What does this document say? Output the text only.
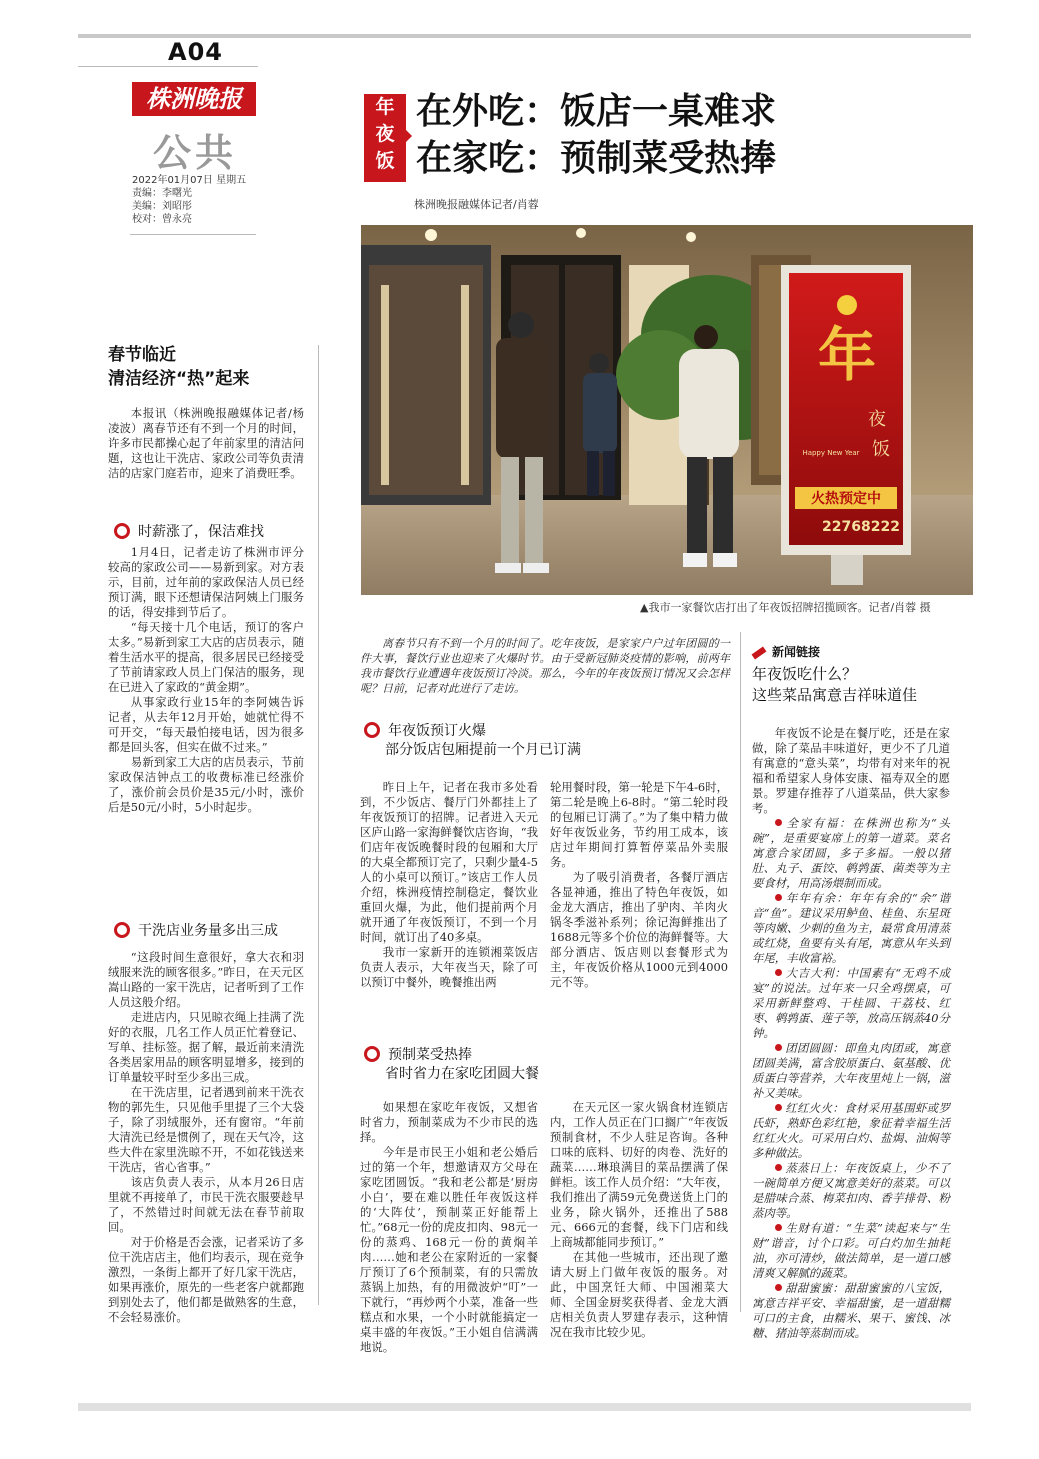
A04
株洲晚报
公共
2022年01月07日 星期五
责编：李曙光
美编：刘昭彤
校对：曾永亮
年
夜
饭
在外吃：饭店一桌难求
在家吃：预制菜受热捧
株洲晚报融媒体记者/肖蓉
年
夜
饭
Happy New Year
火热预定中
22768222
▲我市一家餐饮店打出了年夜饭招牌招揽顾客。记者/肖蓉 摄

离春节只有不到一个月的时间了。吃年夜饭，是家家户户过年团圆的一件大事，餐饮行业也迎来了火爆时节。由于受新冠肺炎疫情的影响，前两年我市餐饮行业遭遇年夜饭预订冷淡。那么，今年的年夜饭预订情况又会怎样呢？日前，记者对此进行了走访。

年夜饭预订火爆
部分饭店包厢提前一个月已订满

昨日上午，记者在我市多处看到，不少饭店、餐厅门外都挂上了年夜饭预订的招牌。记者进入天元区庐山路一家海鲜餐饮店咨询，“我们店年夜饭晚餐时段的包厢和大厅的大桌全都预订完了，只剩少量4-5人的小桌可以预订。”该店工作人员介绍，株洲疫情控制稳定，餐饮业重回火爆，为此，他们提前两个月就开通了年夜饭预订，不到一个月时间，就订出了40多桌。

我市一家新开的连锁湘菜饭店负责人表示，大年夜当天，除了可以预订中餐外，晚餐推出两

轮用餐时段，第一轮是下午4-6时，第二轮是晚上6-8时。“第二轮时段的包厢已订满了。”为了集中精力做好年夜饭业务，节约用工成本，该店过年期间打算暂停菜品外卖服务。

为了吸引消费者，各餐厅酒店各显神通，推出了特色年夜饭，如金龙大酒店，推出了驴肉、羊肉火锅冬季滋补系列；徐记海鲜推出了1688元等多个价位的海鲜餐等。大部分酒店、饭店则以套餐形式为主，年夜饭价格从1000元到4000元不等。

预制菜受热捧
省时省力在家吃团圆大餐

如果想在家吃年夜饭，又想省时省力，预制菜成为不少市民的选择。

今年是市民王小姐和老公婚后过的第一个年，想邀请双方父母在家吃团圆饭。“我和老公都是‘厨房小白’，要在难以胜任年夜饭这样的‘大阵仗’，预制菜正好能帮上忙。”68元一份的虎皮扣肉、98元一份的蒸鸡、168元一份的黄焖羊肉……她和老公在家附近的一家餐厅预订了6个预制菜，有的只需放蒸锅上加热，有的用微波炉“叮”一下就行，“再炒两个小菜，准备一些糕点和水果，一个小时就能搞定一桌丰盛的年夜饭。”王小姐自信满满地说。

在天元区一家火锅食材连锁店内，工作人员正在门口搁广“年夜饭预制食材，不少人驻足咨询。各种口味的底料、切好的肉卷、洗好的蔬菜……琳琅满目的菜品摆满了保鲜柜。该工作人员介绍：“大年夜，我们推出了满59元免费送货上门的业务，除火锅外，还推出了588元、666元的套餐，线下门店和线上商城都能同步预订。”

在其他一些城市，还出现了邀请大厨上门做年夜饭的服务。对此，中国烹饪大师、中国湘菜大师、全国金厨奖获得者、金龙大酒店相关负责人罗建存表示，这种情况在我市比较少见。

春节临近
清洁经济“热”起来

本报讯（株洲晚报融媒体记者/杨凌波）离春节还有不到一个月的时间，许多市民都操心起了年前家里的清洁问题，这也让干洗店、家政公司等负责清洁的店家门庭若市，迎来了消费旺季。

时薪涨了，保洁难找

1月4日，记者走访了株洲市评分较高的家政公司——易新到家。对方表示，目前，过年前的家政保洁人员已经预订满，眼下还想请保洁阿姨上门服务的话，得安排到节后了。

“每天接十几个电话，预订的客户太多。”易新到家工大店的店员表示，随着生活水平的提高，很多居民已经接受了节前请家政人员上门保洁的服务，现在已进入了家政的“黄金期”。

从事家政行业15年的李阿姨告诉记者，从去年12月开始，她就忙得不可开交，“每天最怕接电话，因为很多都是回头客，但实在做不过来。”

易新到家工大店的店员表示，节前家政保洁钟点工的收费标准已经涨价了，涨价前会员价是35元/小时，涨价后是50元/小时，5小时起步。

干洗店业务量多出三成

“这段时间生意很好，拿大衣和羽绒服来洗的顾客很多。”昨日，在天元区嵩山路的一家干洗店，记者听到了工作人员这般介绍。

走进店内，只见晾衣绳上挂满了洗好的衣服，几名工作人员正忙着登记、写单、挂标签。据了解，最近前来清洗各类居家用品的顾客明显增多，接到的订单量较平时至少多出三成。

在干洗店里，记者遇到前来干洗衣物的郭先生，只见他手里提了三个大袋子，除了羽绒服外，还有窗帘。“年前大清洗已经是惯例了，现在天气冷，这些大件在家里洗晾不开，不如花钱送来干洗店，省心省事。”

该店负责人表示，从本月26日店里就不再接单了，市民干洗衣服要趁早了，不然错过时间就无法在春节前取回。

对于价格是否会涨，记者采访了多位干洗店店主，他们均表示，现在竞争激烈，一条街上都开了好几家干洗店，如果再涨价，原先的一些老客户就都跑到别处去了，他们都是做熟客的生意，不会轻易涨价。

新闻链接
年夜饭吃什么？
这些菜品寓意吉祥味道佳

年夜饭不论是在餐厅吃，还是在家做，除了菜品丰味道好，更少不了几道有寓意的“意头菜”，均带有对来年的祝福和希望家人身体安康、福寿双全的愿景。罗建存推荐了八道菜品，供大家参考。

全家有福：在株洲也称为“头碗”，是重要宴席上的第一道菜。菜名寓意合家团圆，多子多福。一般以猪肚、丸子、蛋饺、鹌鹑蛋、菌类等为主要食材，用高汤煨制而成。

年年有余：年年有余的“余”谐音“鱼”。建议采用鲈鱼、桂鱼、东星斑等肉嫩、少刺的鱼为主，最常食用清蒸或红烧，鱼要有头有尾，寓意从年头到年尾，丰收富裕。

大吉大利：中国素有“无鸡不成宴”的说法。过年来一只全鸡摆桌，可采用新鲜整鸡、干桂圆、干荔枝、红枣、鹌鹑蛋、莲子等，放高压锅蒸40分钟。

团团圆圆：即鱼丸肉团或，寓意团圆美满，富含胶原蛋白、氨基酸、优质蛋白等营养，大年夜里炖上一锅，滋补又美味。

红红火火：食材采用基围虾或罗氏虾，熟虾色彩红艳，象征着幸福生活红红火火。可采用白灼、盐焗、油焖等多种做法。

蒸蒸日上：年夜饭桌上，少不了一碗简单方便又寓意美好的蒸菜。可以是腊味合蒸、梅菜扣肉、香芋排骨、粉蒸肉等。

生财有道：“生菜”读起来与“生财”谐音，讨个口彩。可白灼加生抽耗油，亦可清炒，做法简单，是一道口感清爽又解腻的蔬菜。

甜甜蜜蜜：甜甜蜜蜜的八宝饭，寓意吉祥平安、幸福甜蜜，是一道甜糯可口的主食，由糯米、果干、蜜饯、冰糖、猪油等蒸制而成。
